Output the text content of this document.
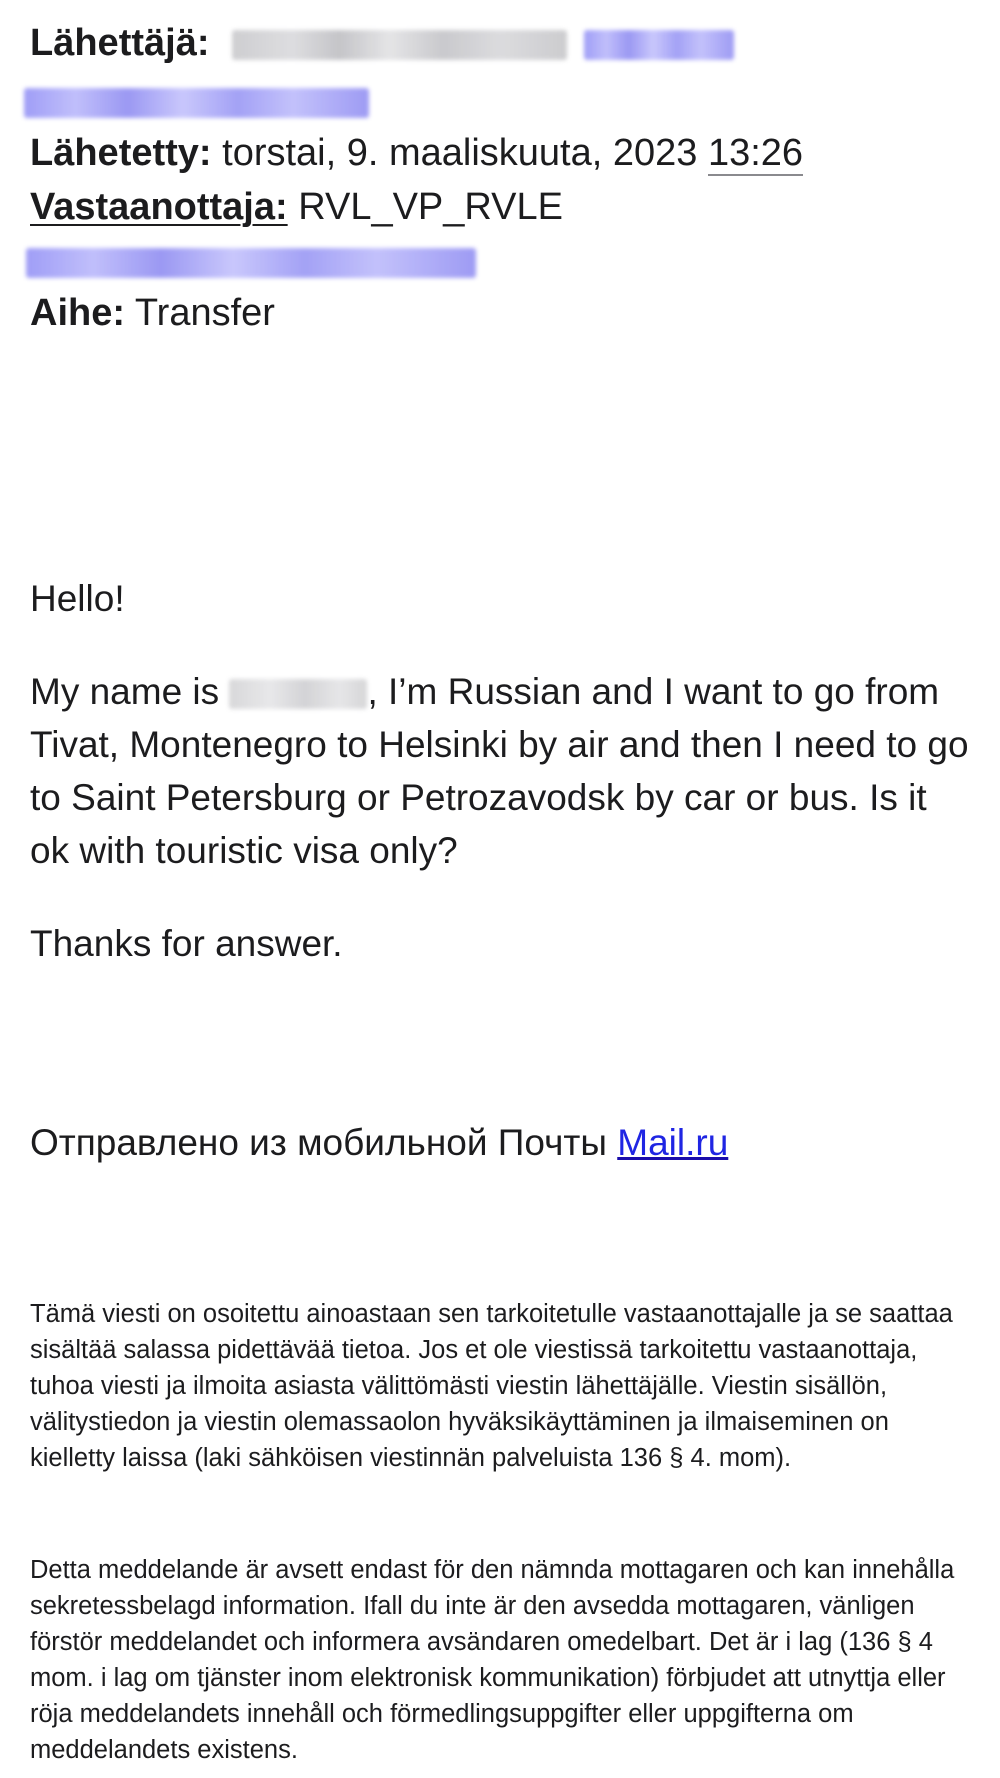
Lähettäjä:
Lähetetty: torstai, 9. maaliskuuta, 2023 13:26
Vastaanottaja: RVL_VP_RVLE
Aihe: Transfer
Hello!
My name is	, I’m Russian and I want to go from Tivat, Montenegro to Helsinki by air and then I need to go to Saint Petersburg or Petrozavodsk by car or bus. Is it ok with touristic visa only?
Thanks for answer.
Отправлено из мобильной Почты Mail.ru
Tämä viesti on osoitettu ainoastaan sen tarkoitetulle vastaanottajalle ja se saattaa sisältää salassa pidettävää tietoa. Jos et ole viestissä tarkoitettu vastaanottaja, tuhoa viesti ja ilmoita asiasta välittömästi viestin lähettäjälle. Viestin sisällön, välitystiedon ja viestin olemassaolon hyväksikäyttäminen ja ilmaiseminen on kielletty laissa (laki sähköisen viestinnän palveluista 136 § 4. mom).
Detta meddelande är avsett endast för den nämnda mottagaren och kan innehålla sekretessbelagd information. Ifall du inte är den avsedda mottagaren, vänligen förstör meddelandet och informera avsändaren omedelbart. Det är i lag (136 § 4 mom. i lag om tjänster inom elektronisk kommunikation) förbjudet att utnyttja eller röja meddelandets innehåll och förmedlingsuppgifter eller uppgifterna om meddelandets existens.
